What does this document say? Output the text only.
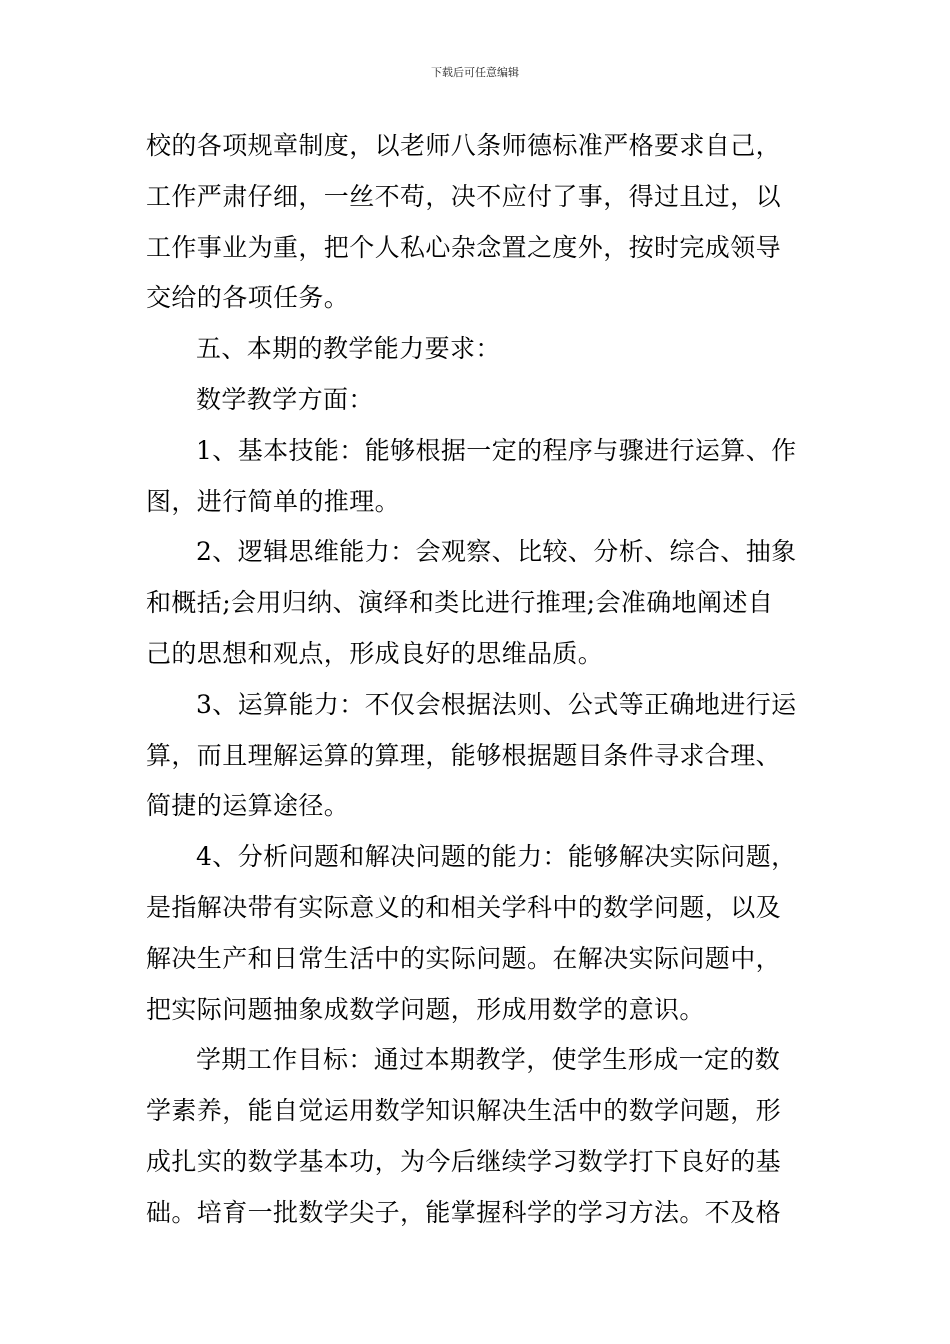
下载后可任意编辑
校的各项规章制度，以老师八条师德标准严格要求自己，
工作严肃仔细，一丝不苟，决不应付了事，得过且过，以
工作事业为重，把个人私心杂念置之度外，按时完成领导
交给的各项任务。
五、本期的教学能力要求：
数学教学方面：
1、基本技能：能够根据一定的程序与骤进行运算、作
图，进行简单的推理。
2、逻辑思维能力：会观察、比较、分析、综合、抽象
和概括;会用归纳、演绎和类比进行推理;会准确地阐述自
己的思想和观点，形成良好的思维品质。
3、运算能力：不仅会根据法则、公式等正确地进行运
算，而且理解运算的算理，能够根据题目条件寻求合理、
简捷的运算途径。
4、分析问题和解决问题的能力：能够解决实际问题，
是指解决带有实际意义的和相关学科中的数学问题，以及
解决生产和日常生活中的实际问题。在解决实际问题中，
把实际问题抽象成数学问题，形成用数学的意识。
学期工作目标：通过本期教学，使学生形成一定的数
学素养，能自觉运用数学知识解决生活中的数学问题，形
成扎实的数学基本功，为今后继续学习数学打下良好的基
础。培育一批数学尖子，能掌握科学的学习方法。不及格
